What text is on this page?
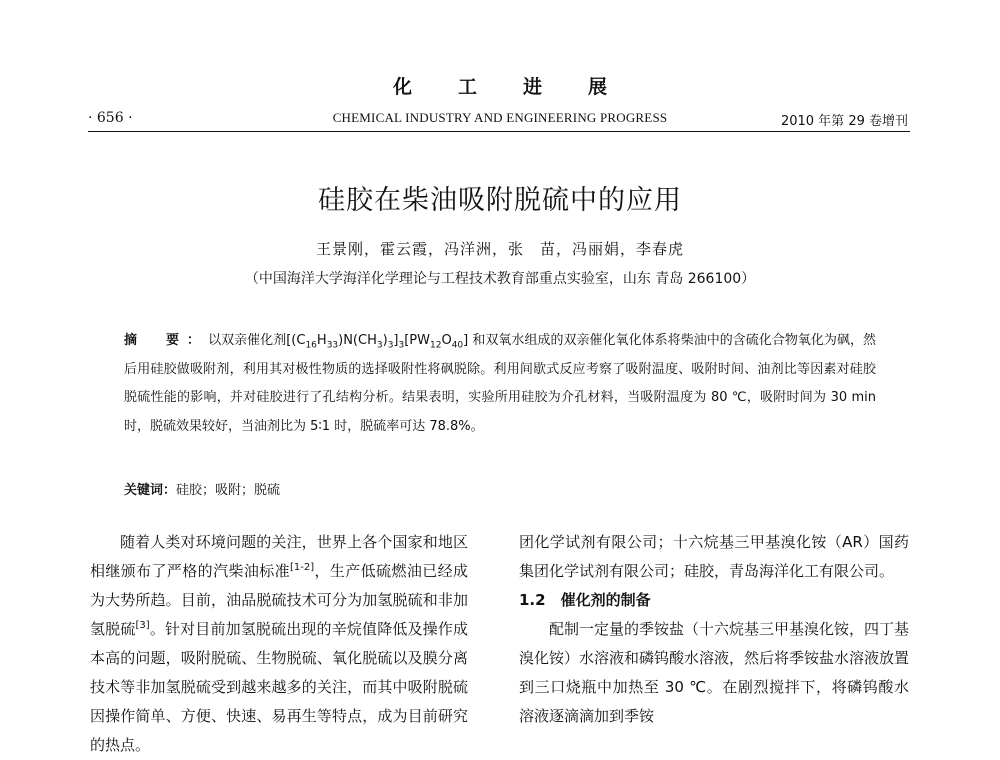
化工进展
· 656 ·	CHEMICAL INDUSTRY AND ENGINEERING PROGRESS	2010 年第 29 卷增刊
硅胶在柴油吸附脱硫中的应用
王景刚，霍云霞，冯洋洲，张　苗，冯丽娟，李春虎
（中国海洋大学海洋化学理论与工程技术教育部重点实验室，山东 青岛 266100）
摘　要：以双亲催化剂$[(C_{16}H_{33})N(CH_3)_3]_3[PW_{12}O_{40}]$ 和双氧水组成的双亲催化氧化体系将柴油中的含硫化合物氧化为砜，然后用硅胶做吸附剂，利用其对极性物质的选择吸附性将砜脱除。利用间歇式反应考察了吸附温度、吸附时间、油剂比等因素对硅胶脱硫性能的影响，并对硅胶进行了孔结构分析。结果表明，实验所用硅胶为介孔材料，当吸附温度为 80 ℃，吸附时间为 30 min 时，脱硫效果较好，当油剂比为 5∶1 时，脱硫率可达 78.8%。
关键词：硅胶；吸附；脱硫

随着人类对环境问题的关注，世界上各个国家和地区相继颁布了严格的汽柴油标准[1-2]，生产低硫燃油已经成为大势所趋。目前，油品脱硫技术可分为加氢脱硫和非加氢脱硫[3]。针对目前加氢脱硫出现的辛烷值降低及操作成本高的问题，吸附脱硫、生物脱硫、氧化脱硫以及膜分离技术等非加氢脱硫受到越来越多的关注，而其中吸附脱硫因操作简单、方便、快速、易再生等特点，成为目前研究的热点。

团化学试剂有限公司；十六烷基三甲基溴化铵（AR）国药集团化学试剂有限公司；硅胶，青岛海洋化工有限公司。

1.2　催化剂的制备

配制一定量的季铵盐（十六烷基三甲基溴化铵，四丁基溴化铵）水溶液和磷钨酸水溶液，然后将季铵盐水溶液放置到三口烧瓶中加热至 30 ℃。在剧烈搅拌下，将磷钨酸水溶液逐滴滴加到季铵
